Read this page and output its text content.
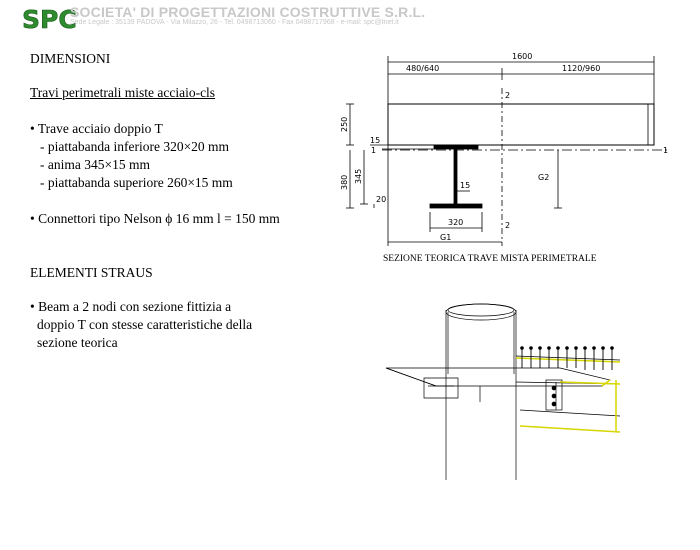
SPC
SOCIETA' DI PROGETTAZIONI COSTRUTTIVE S.R.L.
Sede Legale : 35139 PADOVA - Via Milazzo, 26 - Tel. 0498713060 - Fax 0498717968 - e-mail: spc@tnet.it
DIMENSIONI
Travi perimetrali miste acciaio-cls
• Trave acciaio doppio T
- piattabanda inferiore 320×20 mm
- anima 345×15 mm
- piattabanda superiore 260×15 mm
• Connettori tipo Nelson ϕ 16 mm l = 150 mm
ELEMENTI STRAUS
• Beam a 2 nodi con sezione fittizia a
doppio T con stesse caratteristiche della
sezione teorica
1600
480/640	1120/960
2
1	1
2
15
15
20
320
G1
G2
250
380 345
SEZIONE TEORICA TRAVE MISTA PERIMETRALE
